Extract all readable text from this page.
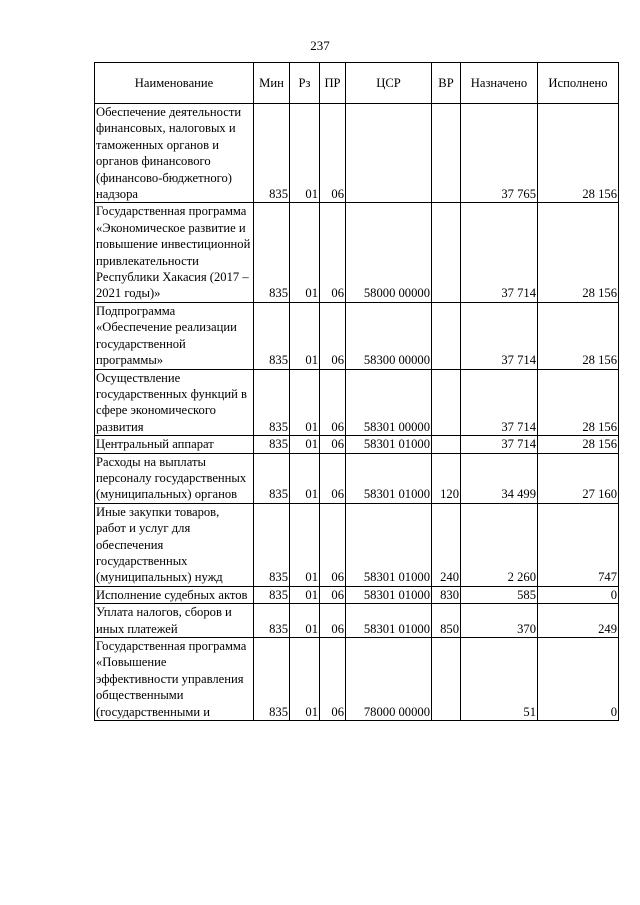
237
Наименование	Мин	Рз	ПР	ЦСР	ВР	Назначено	Исполнено
Обеспечение деятельности финансовых, налоговых и таможенных органов и органов финансового (финансово-бюджетного) надзора	835	01	06			37 765	28 156
Государственная программа «Экономическое развитие и повышение инвестиционной привлекательности Республики Хакасия (2017 – 2021 годы)»	835	01	06	58000 00000		37 714	28 156
Подпрограмма «Обеспечение реализации государственной программы»	835	01	06	58300 00000		37 714	28 156
Осуществление государственных функций в сфере экономического развития	835	01	06	58301 00000		37 714	28 156
Центральный аппарат	835	01	06	58301 01000		37 714	28 156
Расходы на выплаты персоналу государственных (муниципальных) органов	835	01	06	58301 01000	120	34 499	27 160
Иные закупки товаров, работ и услуг для обеспечения государственных (муниципальных) нужд	835	01	06	58301 01000	240	2 260	747
Исполнение судебных актов	835	01	06	58301 01000	830	585	0
Уплата налогов, сборов и иных платежей	835	01	06	58301 01000	850	370	249
Государственная программа «Повышение эффективности управления общественными (государственными и	835	01	06	78000 00000		51	0
